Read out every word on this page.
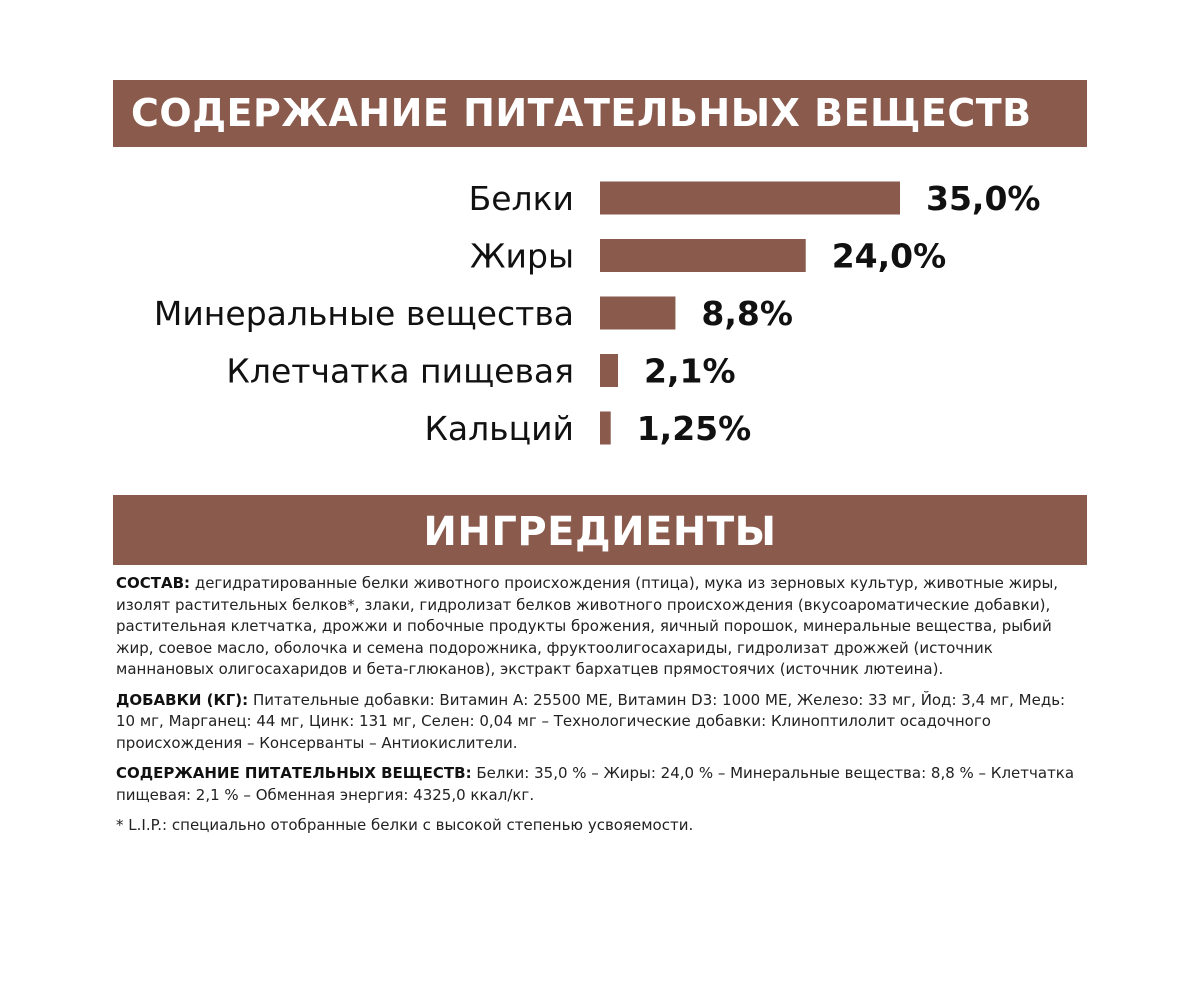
СОДЕРЖАНИЕ ПИТАТЕЛЬНЫХ ВЕЩЕСТВ
Белки	35,0%
Жиры	24,0%
Минеральные вещества	8,8%
Клетчатка пищевая 2,1%
Кальций 1,25%
ИНГРЕДИЕНТЫ

СОСТАВ: дегидратированные белки животного происхождения (птица), мука из зерновых культур, животные жиры, изолят растительных белков*, злаки, гидролизат белков животного происхождения (вкусоароматические добавки), растительная клетчатка, дрожжи и побочные продукты брожения, яичный порошок, минеральные вещества, рыбий жир, соевое масло, оболочка и семена подорожника, фруктоолигосахариды, гидролизат дрожжей (источник маннановых олигосахаридов и бета-глюканов), экстракт бархатцев прямостоячих (источник лютеина).

ДОБАВКИ (КГ): Питательные добавки: Витамин А: 25500 МЕ, Витамин D3: 1000 МЕ, Железо: 33 мг, Йод: 3,4 мг, Медь: 10 мг, Марганец: 44 мг, Цинк: 131 мг, Селен: 0,04 мг – Технологические добавки: Клиноптилолит осадочного происхождения – Консерванты – Антиокислители.

СОДЕРЖАНИЕ ПИТАТЕЛЬНЫХ ВЕЩЕСТВ: Белки: 35,0 % – Жиры: 24,0 % – Минеральные вещества: 8,8 % – Клетчатка пищевая: 2,1 % – Обменная энергия: 4325,0 ккал/кг.

* L.I.P.: специально отобранные белки с высокой степенью усвояемости.
